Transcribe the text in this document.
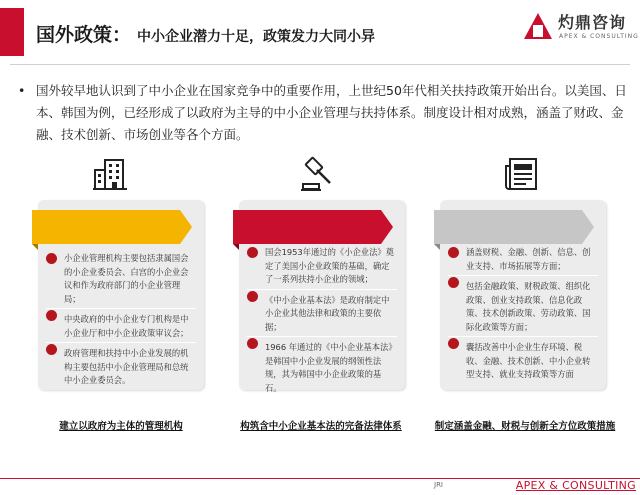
国外政策： 中小企业潜力十足，政策发力大同小异
灼鼎咨询
APEX & CONSULTING
• 国外较早地认识到了中小企业在国家竞争中的重要作用，上世纪50年代相关扶持政策开始出台。以美国、日本、韩国为例，已经形成了以政府为主导的中小企业管理与扶持体系。制度设计相对成熟，涵盖了财政、金融、技术创新、市场创业等各个方面。
小企业管理机构主要包括隶属国会的小企业委员会、白宫的小企业会议和作为政府部门的小企业管理局；
中央政府的中小企业专门机构是中小企业厅和中小企业政策审议会；
政府管理和扶持中小企业发展的机构主要包括中小企业管理局和总统中小企业委员会。
国会1953年通过的《小企业法》奠定了美国小企业政策的基础，确定了一系列扶持小企业的领域；
《中小企业基本法》是政府制定中小企业其他法律和政策的主要依据；
1966 年通过的《中小企业基本法》是韩国中小企业发展的纲领性法规，其为韩国中小企业政策的基石。
涵盖财税、金融、创新、信息、创业支持、市场拓展等方面；
包括金融政策、财税政策、组织化政策、创业支持政策、信息化政策、技术创新政策、劳动政策、国际化政策等方面；
囊括改善中小企业生存环境、税收、金融、技术创新、中小企业转型支持、就业支持政策等方面
建立以政府为主体的管理机构	构筑含中小企业基本法的完备法律体系	制定涵盖金融、财税与创新全方位政策措施
JRI	APEX & CONSULTING
